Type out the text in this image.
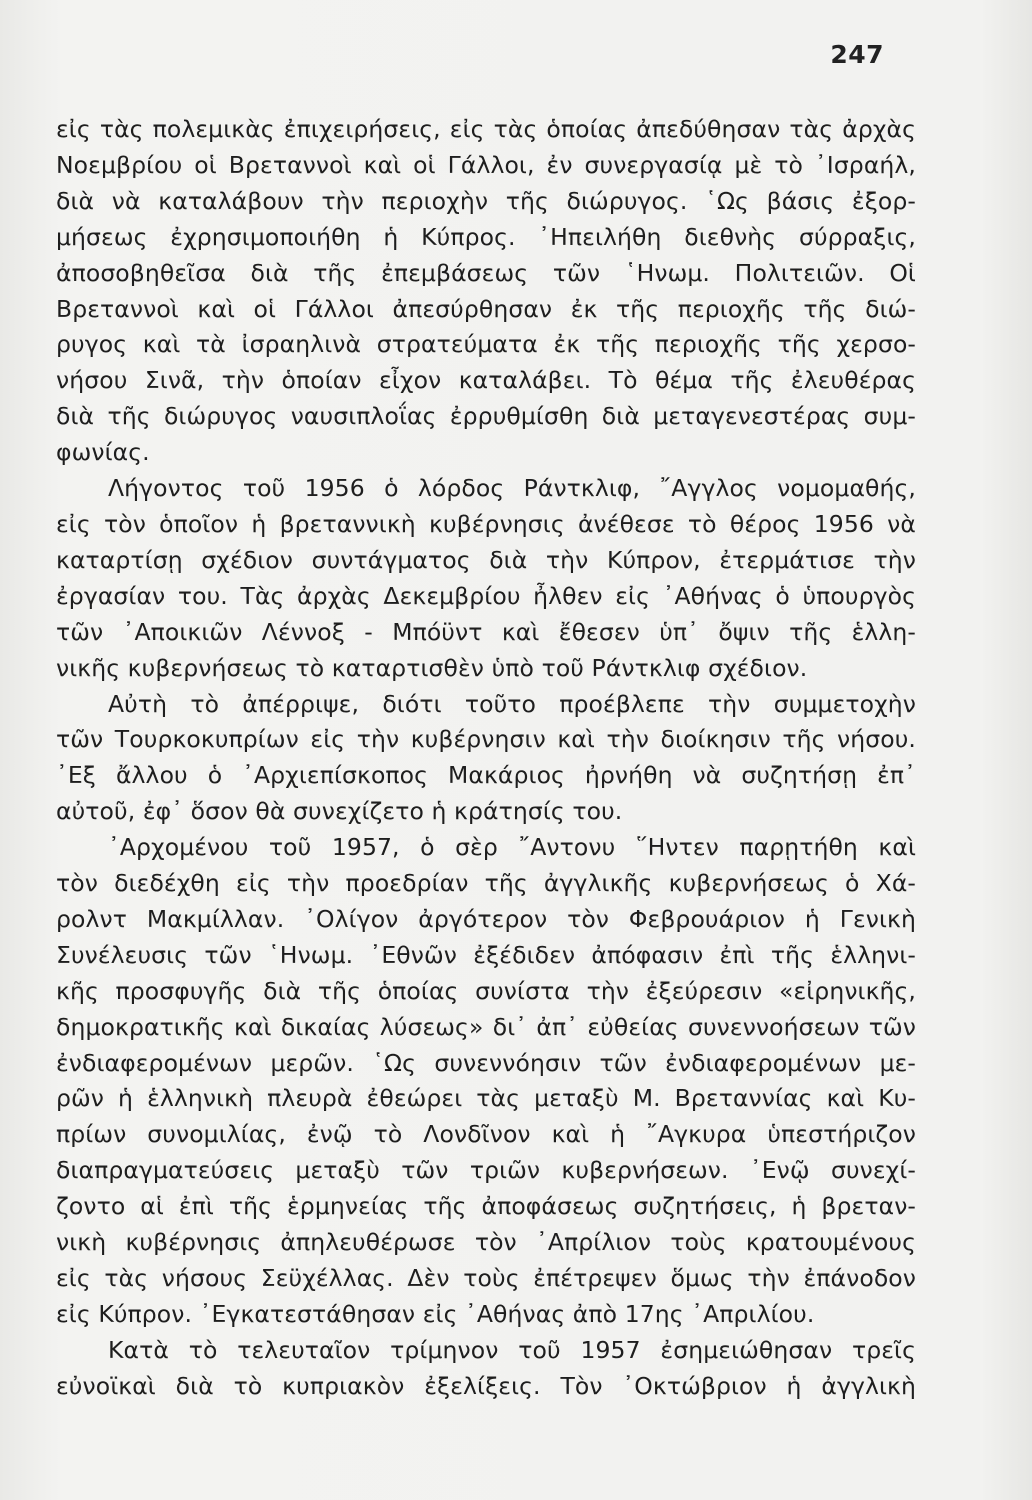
247
εἰς τὰς πολεμικὰς ἐπιχειρήσεις, εἰς τὰς ὁποίας ἀπεδύθησαν τὰς ἀρχὰς
Νοεμβρίου οἱ Βρεταννοὶ καὶ οἱ Γάλλοι, ἐν συνεργασίᾳ μὲ τὸ ᾽Ισραήλ,
διὰ νὰ καταλάβουν τὴν περιοχὴν τῆς διώρυγος. ῾Ως βάσις ἐξορ-
μήσεως ἐχρησιμοποιήθη ἡ Κύπρος. ᾽Ηπειλήθη διεθνὴς σύρραξις,
ἀποσοβηθεῖσα διὰ τῆς ἐπεμβάσεως τῶν ῾Ηνωμ. Πολιτειῶν. Οἱ
Βρεταννοὶ καὶ οἱ Γάλλοι ἀπεσύρθησαν ἐκ τῆς περιοχῆς τῆς διώ-
ρυγος καὶ τὰ ἰσραηλινὰ στρατεύματα ἐκ τῆς περιοχῆς τῆς χερσο-
νήσου Σινᾶ, τὴν ὁποίαν εἶχον καταλάβει. Τὸ θέμα τῆς ἐλευθέρας
διὰ τῆς διώρυγος ναυσιπλοΐας ἐρρυθμίσθη διὰ μεταγενεστέρας συμ-
φωνίας.
Λήγοντος τοῦ 1956 ὁ λόρδος Ράντκλιφ, ῎Αγγλος νομομαθής,
εἰς τὸν ὁποῖον ἡ βρεταννικὴ κυβέρνησις ἀνέθεσε τὸ θέρος 1956 νὰ
καταρτίσῃ σχέδιον συντάγματος διὰ τὴν Κύπρον, ἐτερμάτισε τὴν
ἐργασίαν του. Τὰς ἀρχὰς Δεκεμβρίου ἦλθεν εἰς ᾽Αθήνας ὁ ὑπουργὸς
τῶν ᾽Αποικιῶν Λέννοξ - Μπόϋντ καὶ ἔθεσεν ὑπ᾽ ὄψιν τῆς ἑλλη-
νικῆς κυβερνήσεως τὸ καταρτισθὲν ὑπὸ τοῦ Ράντκλιφ σχέδιον.
Αὐτὴ τὸ ἀπέρριψε, διότι τοῦτο προέβλεπε τὴν συμμετοχὴν
τῶν Τουρκοκυπρίων εἰς τὴν κυβέρνησιν καὶ τὴν διοίκησιν τῆς νήσου.
᾽Εξ ἄλλου ὁ ᾽Αρχιεπίσκοπος Μακάριος ἠρνήθη νὰ συζητήσῃ ἐπ᾽
αὐτοῦ, ἐφ᾽ ὅσον θὰ συνεχίζετο ἡ κράτησίς του.
᾽Αρχομένου τοῦ 1957, ὁ σὲρ ῎Αντονυ ῞Ηντεν παρῃτήθη καὶ
τὸν διεδέχθη εἰς τὴν προεδρίαν τῆς ἀγγλικῆς κυβερνήσεως ὁ Χά-
ρολντ Μακμίλλαν. ᾽Ολίγον ἀργότερον τὸν Φεβρουάριον ἡ Γενικὴ
Συνέλευσις τῶν ῾Ηνωμ. ᾽Εθνῶν ἐξέδιδεν ἀπόφασιν ἐπὶ τῆς ἑλληνι-
κῆς προσφυγῆς διὰ τῆς ὁποίας συνίστα τὴν ἐξεύρεσιν «εἰρηνικῆς,
δημοκρατικῆς καὶ δικαίας λύσεως» δι᾽ ἀπ᾽ εὐθείας συνεννοήσεων τῶν
ἐνδιαφερομένων μερῶν. ῾Ως συνεννόησιν τῶν ἐνδιαφερομένων με-
ρῶν ἡ ἑλληνικὴ πλευρὰ ἐθεώρει τὰς μεταξὺ Μ. Βρεταννίας καὶ Κυ-
πρίων συνομιλίας, ἐνῷ τὸ Λονδῖνον καὶ ἡ ῎Αγκυρα ὑπεστήριζον
διαπραγματεύσεις μεταξὺ τῶν τριῶν κυβερνήσεων. ᾽Ενῷ συνεχί-
ζοντο αἱ ἐπὶ τῆς ἑρμηνείας τῆς ἀποφάσεως συζητήσεις, ἡ βρεταν-
νικὴ κυβέρνησις ἀπηλευθέρωσε τὸν ᾽Απρίλιον τοὺς κρατουμένους
εἰς τὰς νήσους Σεϋχέλλας. Δὲν τοὺς ἐπέτρεψεν ὅμως τὴν ἐπάνοδον
εἰς Κύπρον. ᾽Εγκατεστάθησαν εἰς ᾽Αθήνας ἀπὸ 17ης ᾽Απριλίου.
Κατὰ τὸ τελευταῖον τρίμηνον τοῦ 1957 ἐσημειώθησαν τρεῖς
εὐνοϊκαὶ διὰ τὸ κυπριακὸν ἐξελίξεις. Τὸν ᾽Οκτώβριον ἡ ἀγγλικὴ
